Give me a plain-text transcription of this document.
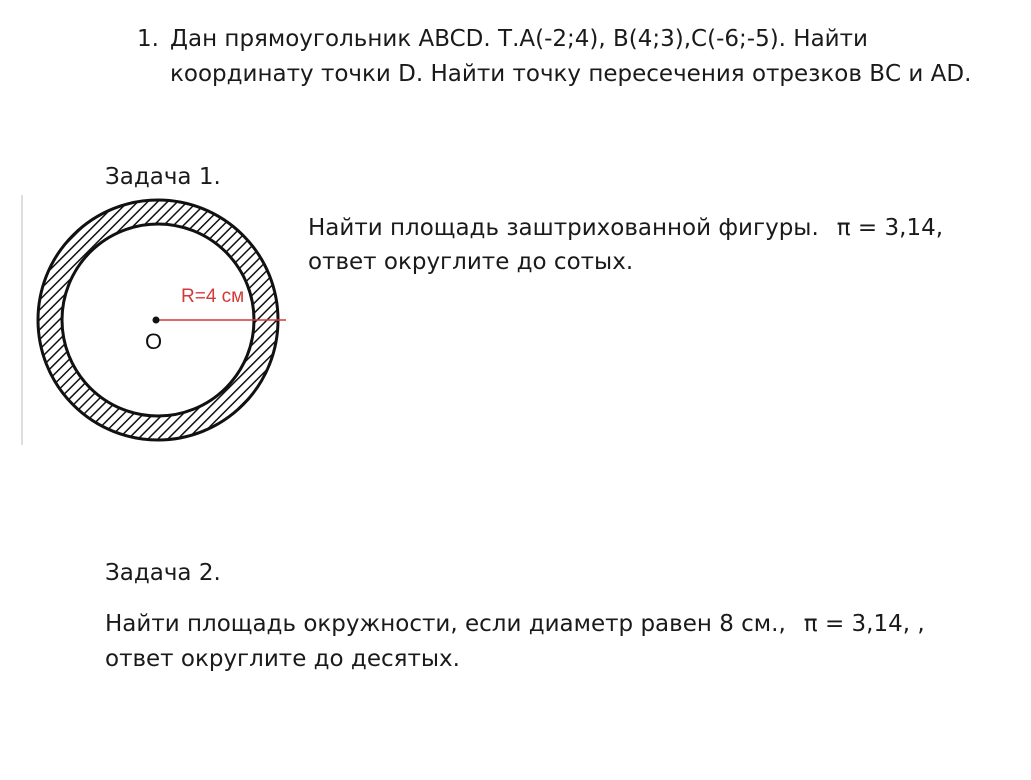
1. Дан прямоугольник ABCD. Т.А(-2;4), В(4;3),С(-6;-5). Найти
координату точки D. Найти точку пересечения отрезков ВС и AD.
Задача 1.
R=4 см
O
Найти площадь заштрихованной фигуры. π = 3,14,
ответ округлите до сотых.
Задача 2.
Найти площадь окружности, если диаметр равен 8 см., π = 3,14, ,
ответ округлите до десятых.
